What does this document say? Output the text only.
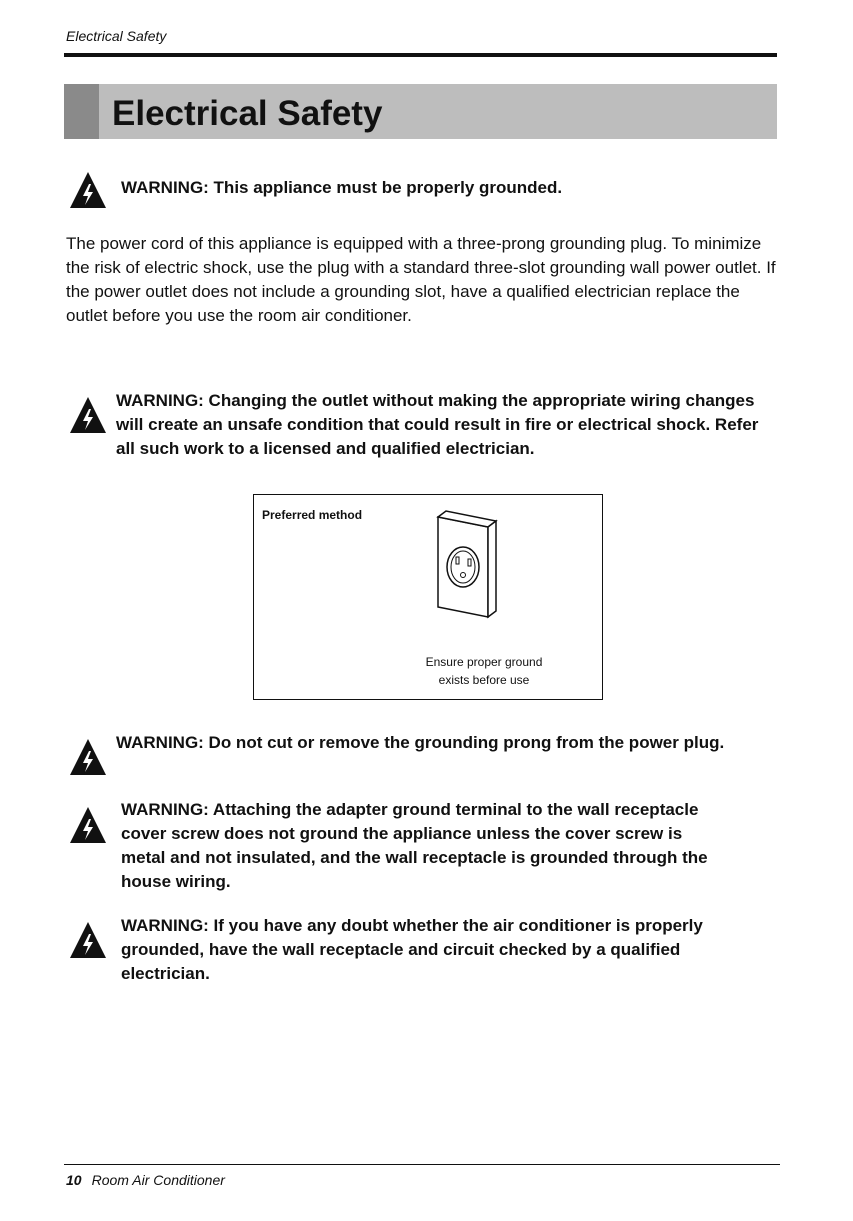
Electrical Safety
Electrical Safety
WARNING: This appliance must be properly grounded.
The power cord of this appliance is equipped with a three-prong grounding plug. To minimize the risk of electric shock, use the plug with a standard three-slot grounding wall power outlet. If the power outlet does not include a grounding slot, have a qualified electrician replace the outlet before you use the room air conditioner.
WARNING: Changing the outlet without making the appropriate wiring changes will create an unsafe condition that could result in fire or electrical shock. Refer all such work to a licensed and qualified electrician.
Preferred method
Ensure proper ground
exists before use
WARNING: Do not cut or remove the grounding prong from the power plug.
WARNING: Attaching the adapter ground terminal to the wall receptacle cover screw does not ground the appliance unless the cover screw is metal and not insulated, and the wall receptacle is grounded through the house wiring.
WARNING: If you have any doubt whether the air conditioner is properly grounded, have the wall receptacle and circuit checked by a qualified electrician.
10 Room Air Conditioner
